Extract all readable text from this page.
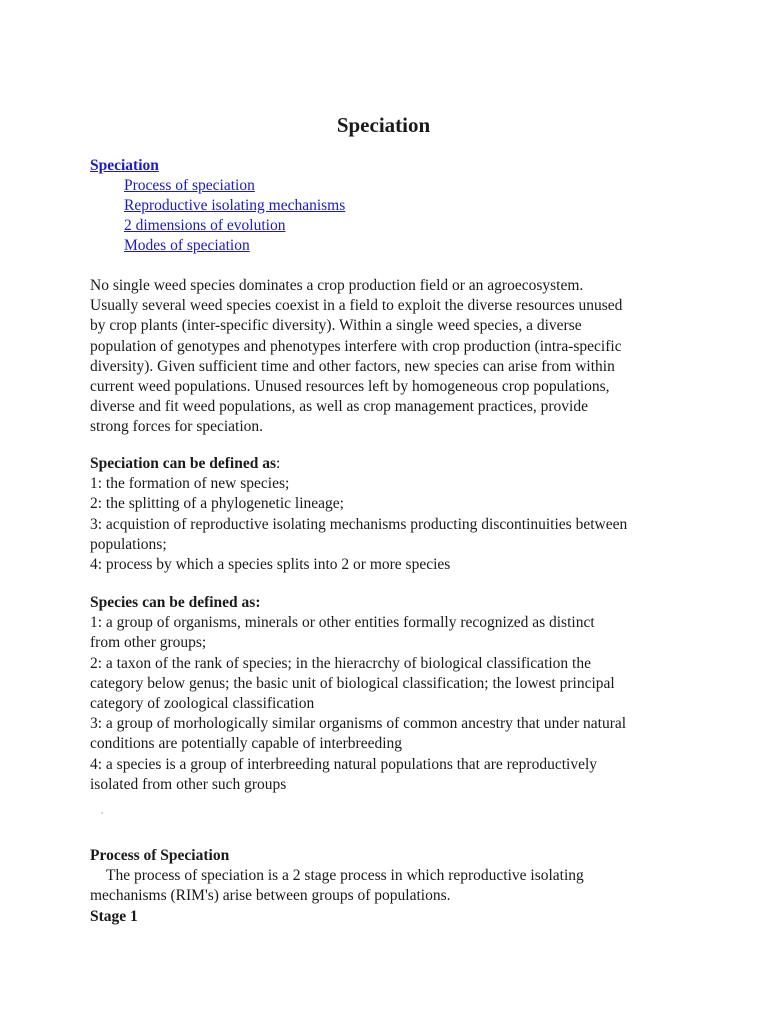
Speciation
Speciation
Process of speciation
Reproductive isolating mechanisms
2 dimensions of evolution
Modes of speciation

No single weed species dominates a crop production field or an agroecosystem.
Usually several weed species coexist in a field to exploit the diverse resources unused
by crop plants (inter-specific diversity). Within a single weed species, a diverse
population of genotypes and phenotypes interfere with crop production (intra-specific
diversity). Given sufficient time and other factors, new species can arise from within
current weed populations. Unused resources left by homogeneous crop populations,
diverse and fit weed populations, as well as crop management practices, provide
strong forces for speciation.

Speciation can be defined as:
1: the formation of new species;
2: the splitting of a phylogenetic lineage;
3: acquistion of reproductive isolating mechanisms producting discontinuities between
populations;
4: process by which a species splits into 2 or more species

Species can be defined as:
1: a group of organisms, minerals or other entities formally recognized as distinct
from other groups;
2: a taxon of the rank of species; in the hieracrchy of biological classification the
category below genus; the basic unit of biological classification; the lowest principal
category of zoological classification
3: a group of morhologically similar organisms of common ancestry that under natural
conditions are potentially capable of interbreeding
4: a species is a group of interbreeding natural populations that are reproductively
isolated from other such groups

Process of Speciation
The process of speciation is a 2 stage process in which reproductive isolating
mechanisms (RIM's) arise between groups of populations.
Stage 1
